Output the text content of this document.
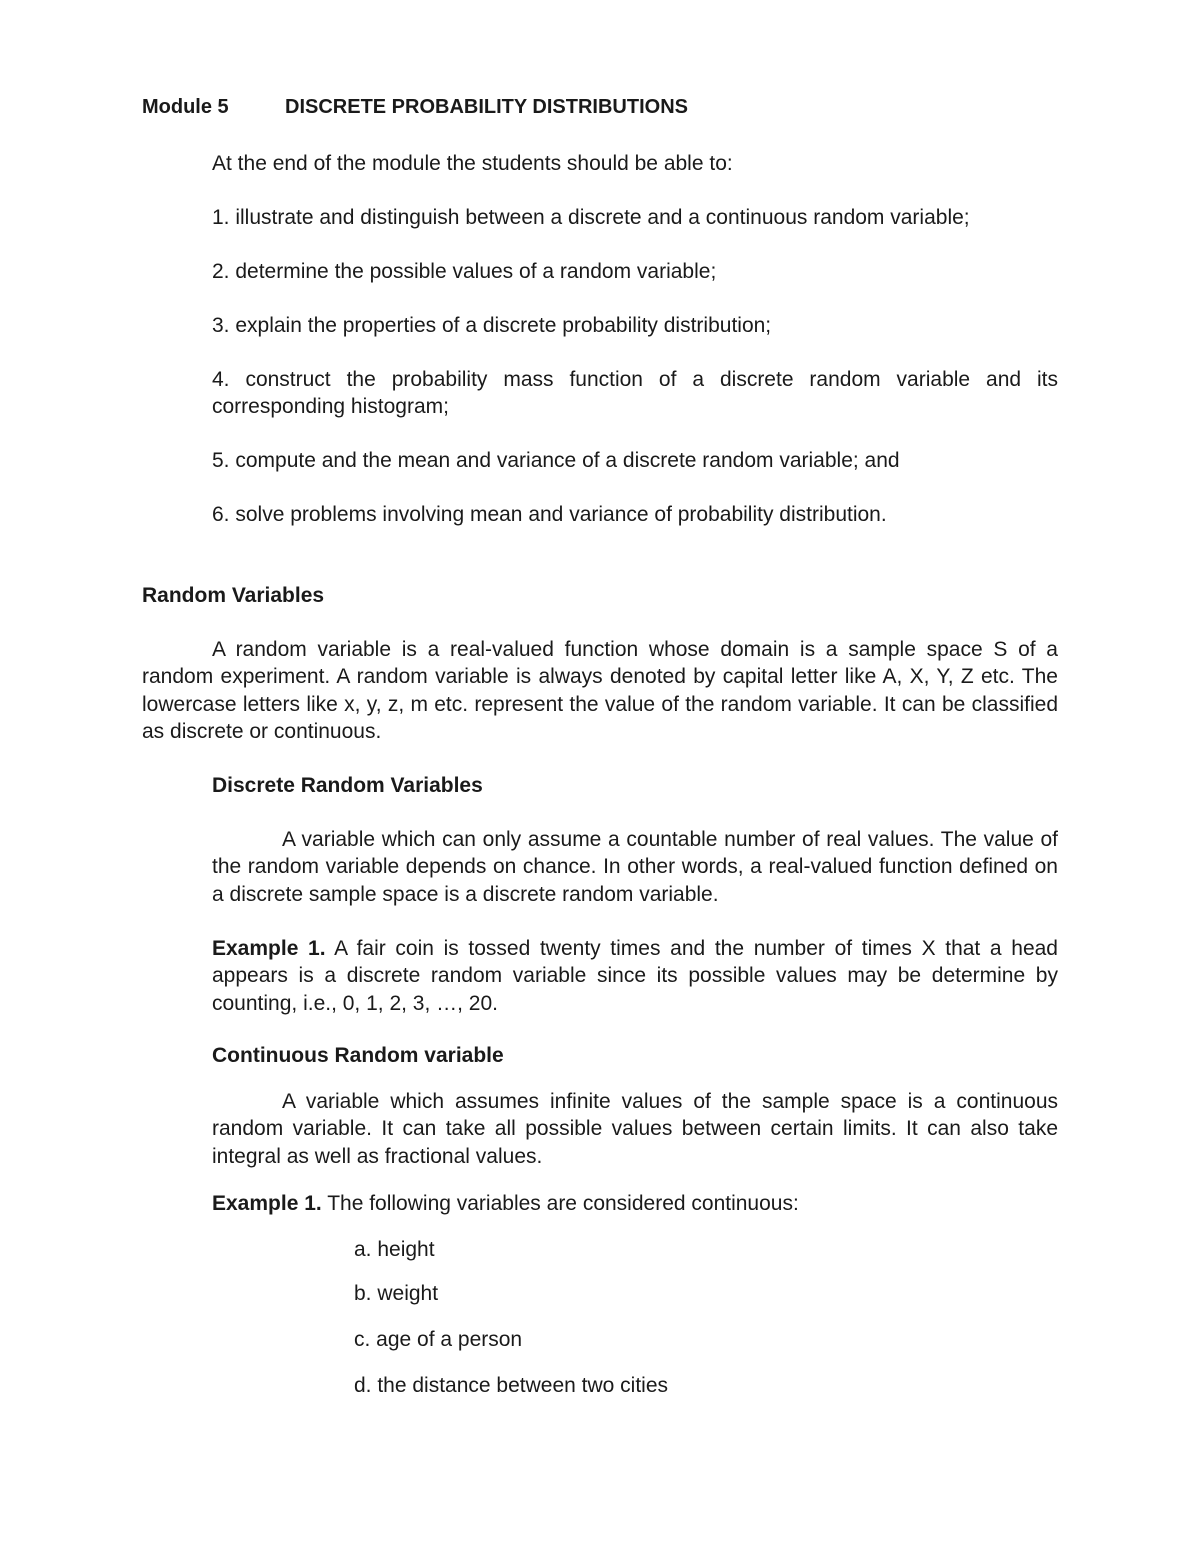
Module 5	DISCRETE PROBABILITY DISTRIBUTIONS
At the end of the module the students should be able to:
1. illustrate and distinguish between a discrete and a continuous random variable;
2. determine the possible values of a random variable;
3. explain the properties of a discrete probability distribution;
4. construct the probability mass function of a discrete random variable and its corresponding histogram;
5. compute and the mean and variance of a discrete random variable; and
6. solve problems involving mean and variance of probability distribution.
Random Variables
A random variable is a real-valued function whose domain is a sample space S of a random experiment. A random variable is always denoted by capital letter like A, X, Y, Z etc. The lowercase letters like x, y, z, m etc. represent the value of the random variable. It can be classified as discrete or continuous.
Discrete Random Variables
A variable which can only assume a countable number of real values. The value of the random variable depends on chance. In other words, a real-valued function defined on a discrete sample space is a discrete random variable.
Example 1. A fair coin is tossed twenty times and the number of times X that a head appears is a discrete random variable since its possible values may be determine by counting, i.e., 0, 1, 2, 3, …, 20.
Continuous Random variable
A variable which assumes infinite values of the sample space is a continuous random variable. It can take all possible values between certain limits. It can also take integral as well as fractional values.
Example 1. The following variables are considered continuous:
a. height
b. weight
c. age of a person
d. the distance between two cities
